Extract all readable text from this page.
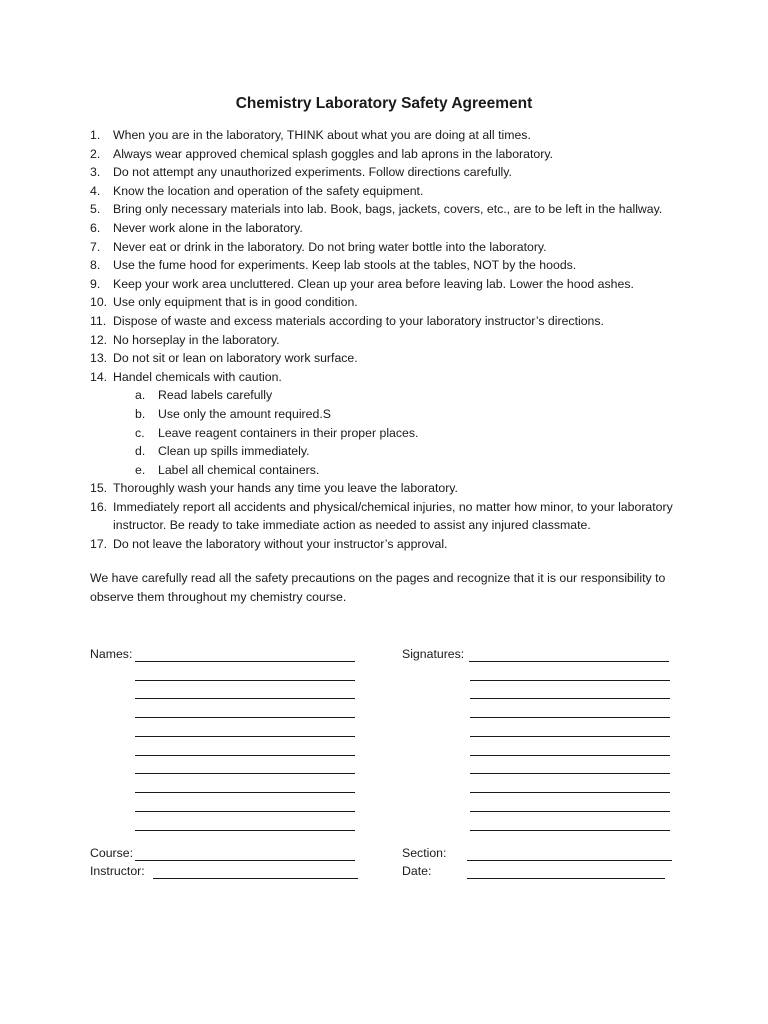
Chemistry Laboratory Safety Agreement
1. When you are in the laboratory, THINK about what you are doing at all times.
2. Always wear approved chemical splash goggles and lab aprons in the laboratory.
3. Do not attempt any unauthorized experiments. Follow directions carefully.
4. Know the location and operation of the safety equipment.
5. Bring only necessary materials into lab. Book, bags, jackets, covers, etc., are to be left in the hallway.
6. Never work alone in the laboratory.
7. Never eat or drink in the laboratory. Do not bring water bottle into the laboratory.
8. Use the fume hood for experiments. Keep lab stools at the tables, NOT by the hoods.
9. Keep your work area uncluttered. Clean up your area before leaving lab. Lower the hood ashes.
10. Use only equipment that is in good condition.
11. Dispose of waste and excess materials according to your laboratory instructor’s directions.
12. No horseplay in the laboratory.
13. Do not sit or lean on laboratory work surface.
14. Handel chemicals with caution.
a. Read labels carefully
b. Use only the amount required.S
c. Leave reagent containers in their proper places.
d. Clean up spills immediately.
e. Label all chemical containers.
15. Thoroughly wash your hands any time you leave the laboratory.
16. Immediately report all accidents and physical/chemical injuries, no matter how minor, to your laboratory instructor. Be ready to take immediate action as needed to assist any injured classmate.
17. Do not leave the laboratory without your instructor’s approval.
We have carefully read all the safety precautions on the pages and recognize that it is our responsibility to observe them throughout my chemistry course.
Names:	Signatures:
Course:	Section:
Instructor:	Date:
